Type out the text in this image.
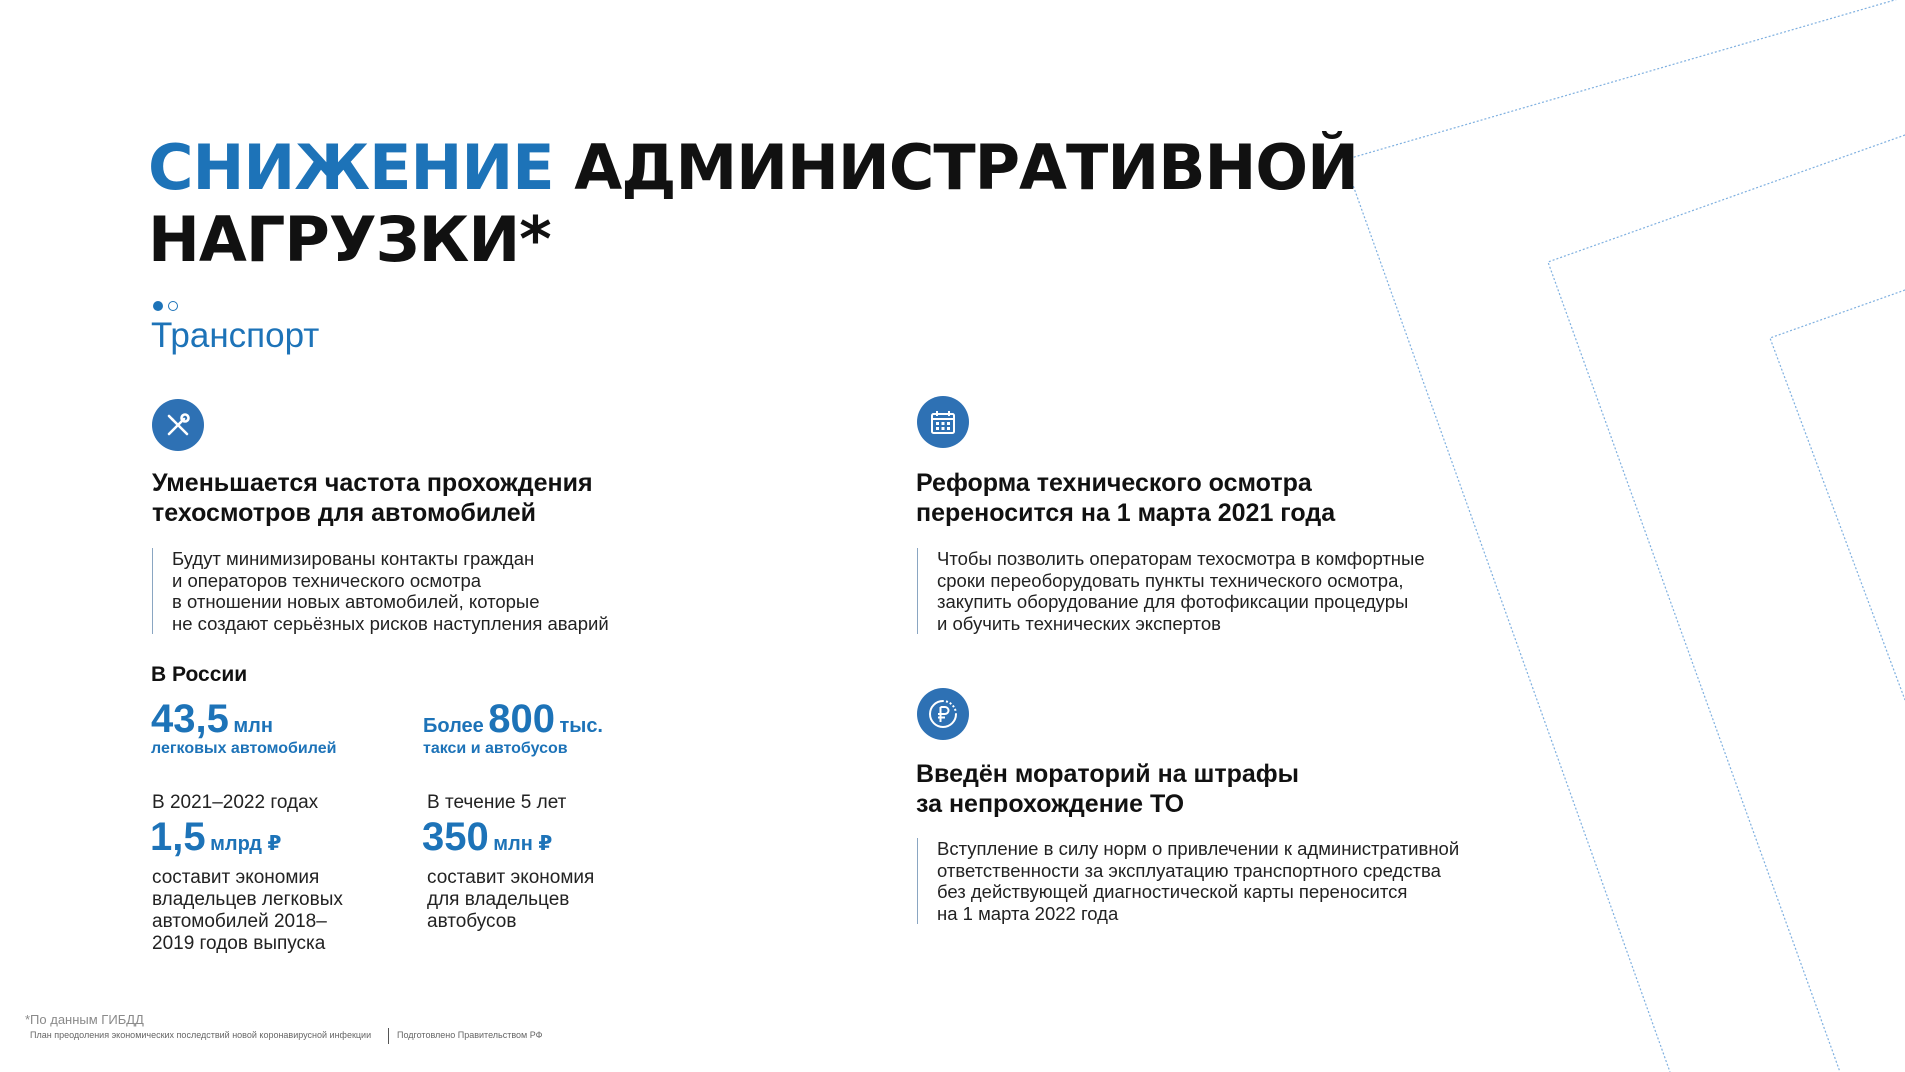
СНИЖЕНИЕ АДМИНИСТРАТИВНОЙ
НАГРУЗКИ*
Транспорт
Уменьшается частота прохождения
техосмотров для автомобилей
Будут минимизированы контакты граждан
и операторов технического осмотра
в отношении новых автомобилей, которые
не создают серьёзных рисков наступления аварий
В России
43,5 млн
легковых автомобилей
Более 800 тыс.
такси и автобусов
В 2021–2022 годах
1,5 млрд ₽
составит экономия
владельцев легковых
автомобилей 2018–
2019 годов выпуска
В течение 5 лет
350 млн ₽
составит экономия
для владельцев
автобусов
Реформа технического осмотра
переносится на 1 марта 2021 года
Чтобы позволить операторам техосмотра в комфортные
сроки переоборудовать пункты технического осмотра,
закупить оборудование для фотофиксации процедуры
и обучить технических экспертов
Введён мораторий на штрафы
за непрохождение ТО
Вступление в силу норм о привлечении к административной
ответственности за эксплуатацию транспортного средства
без действующей диагностической карты переносится
на 1 марта 2022 года
*По данным ГИБДД
План преодоления экономических последствий новой коронавирусной инфекции	Подготовлено Правительством РФ
